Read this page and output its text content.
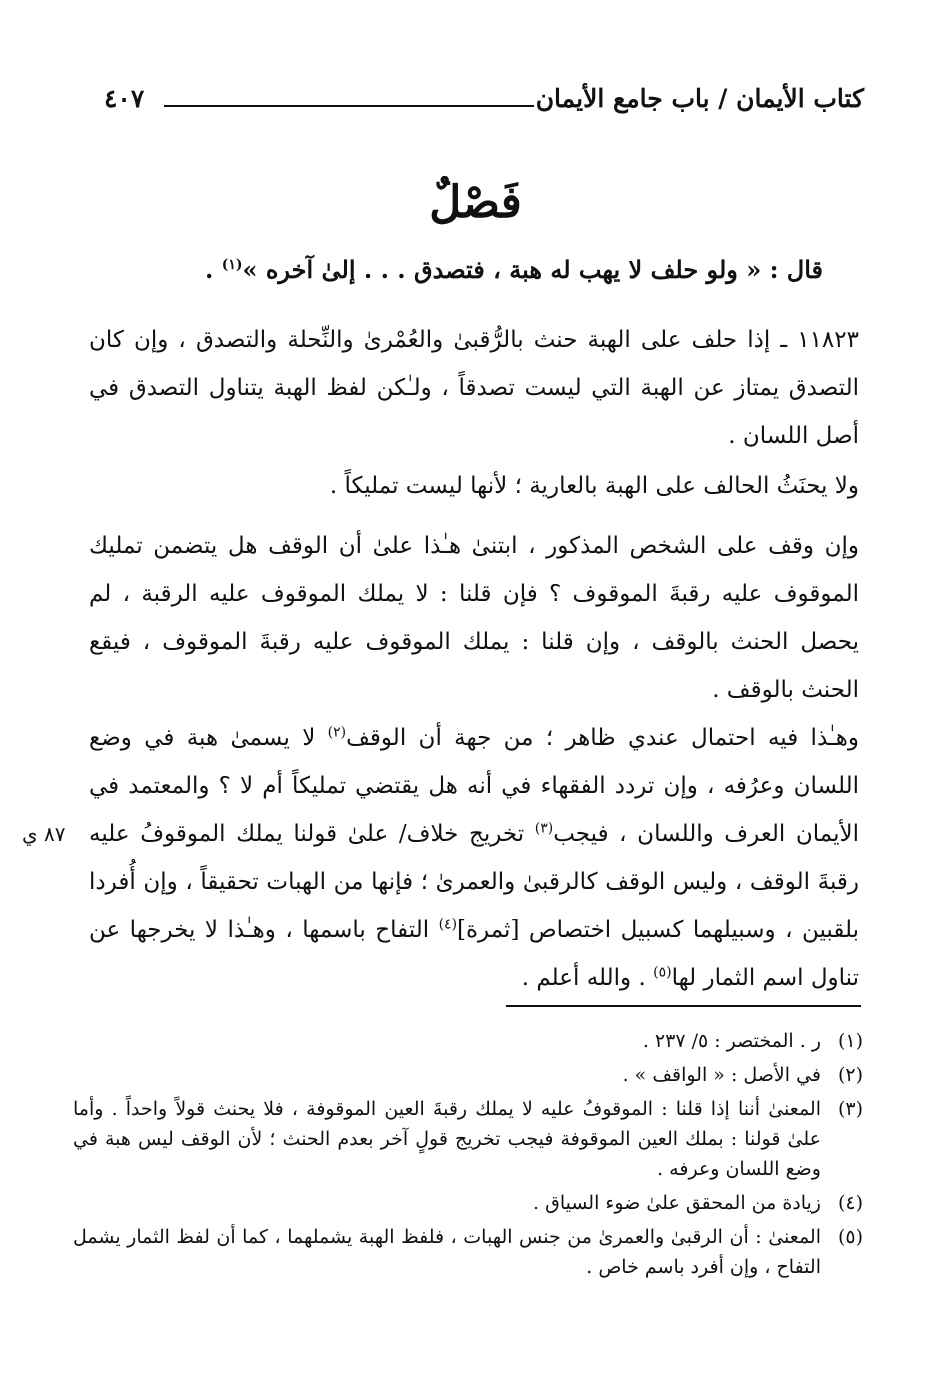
كتاب الأيمان / باب جامع الأيمان
٤٠٧
فَصْلٌ
قال : « ولو حلف لا يهب له هبة ، فتصدق . . . إلىٰ آخره »$^{(١)}$ .
١١٨٢٣ ـ إذا حلف على الهبة حنث بالرُّقبىٰ والعُمْرىٰ والنِّحلة والتصدق ، وإن كان التصدق يمتاز عن الهبة التي ليست تصدقاً ، ولـٰكن لفظ الهبة يتناول التصدق في أصل اللسان .
ولا يحنَثُ الحالف على الهبة بالعارية ؛ لأنها ليست تمليكاً .
وإن وقف على الشخص المذكور ، ابتنىٰ هـٰذا علىٰ أن الوقف هل يتضمن تمليك الموقوف عليه رقبةَ الموقوف ؟ فإن قلنا : لا يملك الموقوف عليه الرقبة ، لم يحصل الحنث بالوقف ، وإن قلنا : يملك الموقوف عليه رقبةَ الموقوف ، فيقع الحنث بالوقف .
وهـٰذا فيه احتمال عندي ظاهر ؛ من جهة أن الوقف$^{(٢)}$ لا يسمىٰ هبة في وضع اللسان وعرُفه ، وإن تردد الفقهاء في أنه هل يقتضي تمليكاً أم لا ؟ والمعتمد في الأيمان العرف واللسان ، فيجب$^{(٣)}$ تخريج خلاف/ علىٰ قولنا يملك الموقوفُ عليه رقبةَ الوقف ، وليس الوقف كالرقبىٰ والعمرىٰ ؛ فإنها من الهبات تحقيقاً ، وإن أُفردا بلقبين ، وسبيلهما كسبيل اختصاص [ثمرة]$^{(٤)}$ التفاح باسمها ، وهـٰذا لا يخرجها عن تناول اسم الثمار لها$^{(٥)}$ . والله أعلم .
٨٧ ي
(١)
ر . المختصر : ٥/ ٢٣٧ .
(٢)
في الأصل : « الواقف » .
(٣)
المعنىٰ أننا إذا قلنا : الموقوفُ عليه لا يملك رقبةَ العين الموقوفة ، فلا يحنث قولاً واحداً . وأما علىٰ قولنا : بملك العين الموقوفة فيجب تخريج قولٍ آخر بعدم الحنث ؛ لأن الوقف ليس هبة في وضع اللسان وعرفه .
(٤)
زيادة من المحقق علىٰ ضوء السياق .
(٥)
المعنىٰ : أن الرقبىٰ والعمرىٰ من جنس الهبات ، فلفظ الهبة يشملهما ، كما أن لفظ الثمار يشمل التفاح ، وإن أفرد باسم خاص .
